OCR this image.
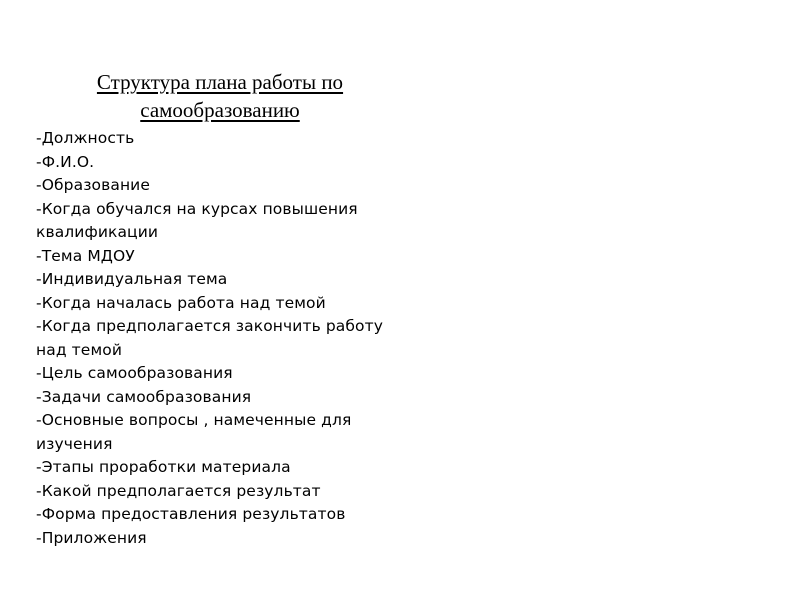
Структура плана работы по самообразованию
-Должность
-Ф.И.О.
-Образование
-Когда обучался на курсах повышения квалификации
-Тема МДОУ
-Индивидуальная тема
-Когда началась работа над темой
-Когда предполагается закончить работу над темой
-Цель самообразования
-Задачи самообразования
-Основные вопросы , намеченные для изучения
-Этапы проработки материала
-Какой предполагается результат
-Форма предоставления результатов
-Приложения
